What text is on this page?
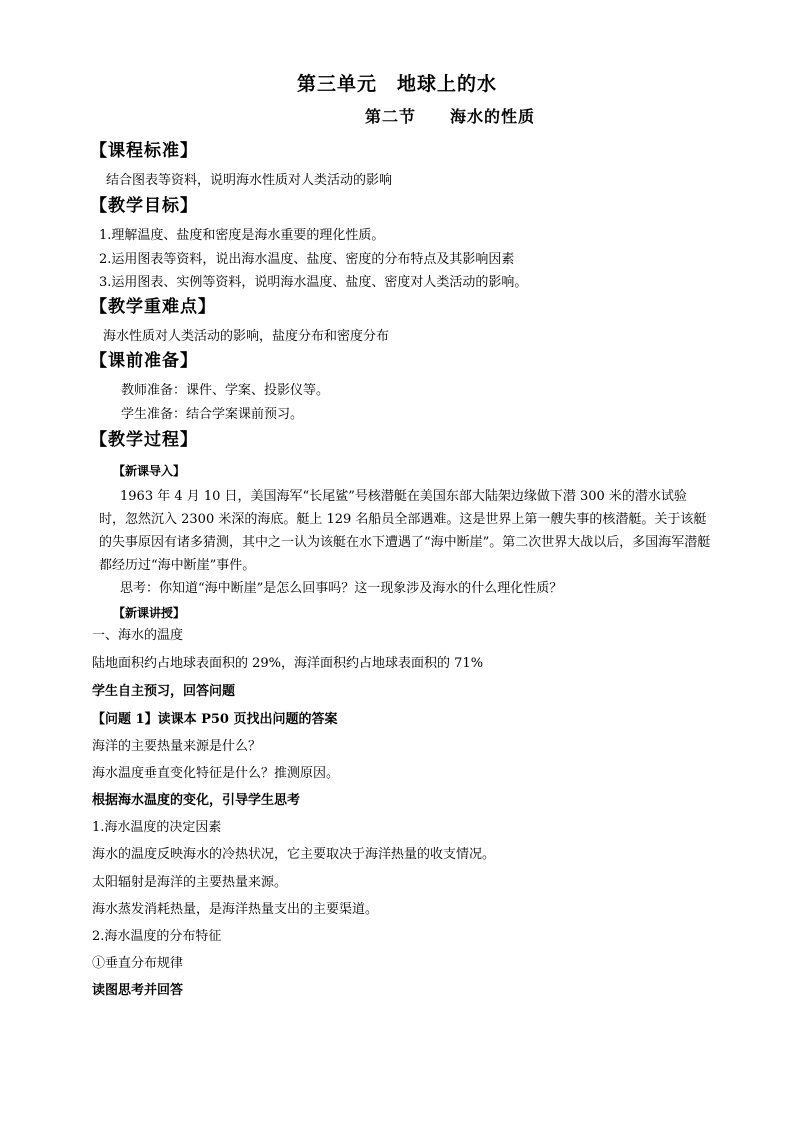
第三单元　地球上的水
第二节　　海水的性质
【课程标准】
结合图表等资料，说明海水性质对人类活动的影响
【教学目标】
1.理解温度、盐度和密度是海水重要的理化性质。
2.运用图表等资料，说出海水温度、盐度、密度的分布特点及其影响因素
3.运用图表、实例等资料，说明海水温度、盐度、密度对人类活动的影响。
【教学重难点】
海水性质对人类活动的影响，盐度分布和密度分布
【课前准备】
教师准备：课件、学案、投影仪等。
学生准备：结合学案课前预习。
【教学过程】
【新课导入】
1963 年 4 月 10 日，美国海军“长尾鲨”号核潜艇在美国东部大陆架边缘做下潜 300 米的潜水试验时，忽然沉入 2300 米深的海底。艇上 129 名船员全部遇难。这是世界上第一艘失事的核潜艇。关于该艇的失事原因有诸多猜测，其中之一认为该艇在水下遭遇了“海中断崖”。第二次世界大战以后，多国海军潜艇都经历过“海中断崖”事件。
思考：你知道“海中断崖”是怎么回事吗？这一现象涉及海水的什么理化性质？
【新课讲授】
一、海水的温度
陆地面积约占地球表面积的 29%，海洋面积约占地球表面积的 71%
学生自主预习，回答问题
【问题 1】读课本 P50 页找出问题的答案
海洋的主要热量来源是什么？
海水温度垂直变化特征是什么？推测原因。
根据海水温度的变化，引导学生思考
1.海水温度的决定因素
海水的温度反映海水的冷热状况，它主要取决于海洋热量的收支情况。
太阳辐射是海洋的主要热量来源。
海水蒸发消耗热量，是海洋热量支出的主要渠道。
2.海水温度的分布特征
①垂直分布规律
读图思考并回答
